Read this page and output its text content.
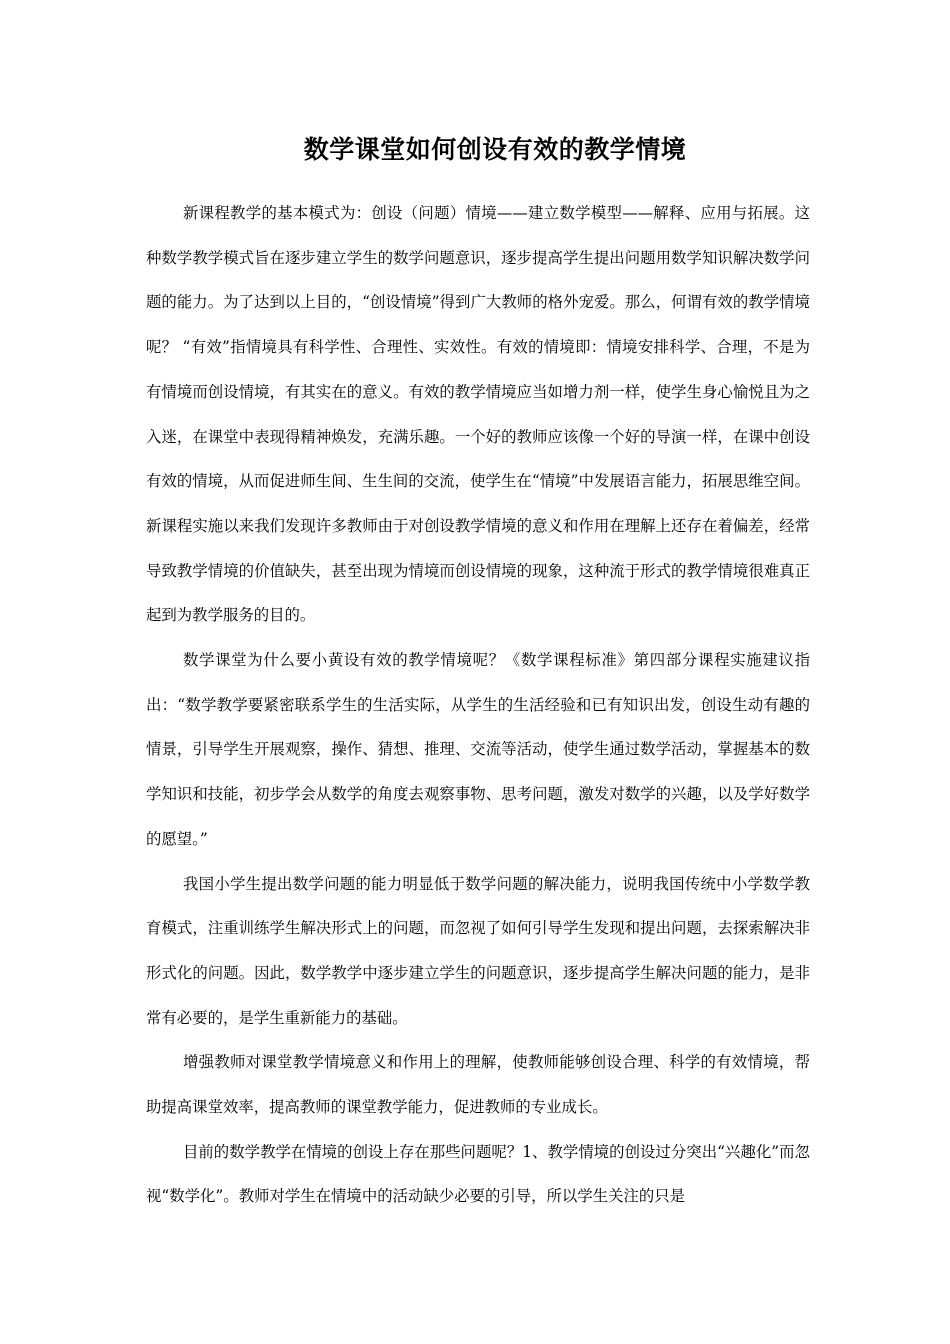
数学课堂如何创设有效的教学情境

新课程教学的基本模式为：创设（问题）情境——建立数学模型——解释、应用与拓展。这种数学教学模式旨在逐步建立学生的数学问题意识，逐步提高学生提出问题用数学知识解决数学问题的能力。为了达到以上目的，“创设情境”得到广大教师的格外宠爱。那么，何谓有效的教学情境呢？ “有效”指情境具有科学性、合理性、实效性。有效的情境即：情境安排科学、合理，不是为有情境而创设情境，有其实在的意义。有效的教学情境应当如增力剂一样，使学生身心愉悦且为之入迷，在课堂中表现得精神焕发，充满乐趣。一个好的教师应该像一个好的导演一样，在课中创设有效的情境，从而促进师生间、生生间的交流，使学生在“情境”中发展语言能力，拓展思维空间。新课程实施以来我们发现许多教师由于对创设教学情境的意义和作用在理解上还存在着偏差，经常导致教学情境的价值缺失，甚至出现为情境而创设情境的现象，这种流于形式的教学情境很难真正起到为教学服务的目的。

数学课堂为什么要小黄设有效的教学情境呢？《数学课程标准》第四部分课程实施建议指出：“数学教学要紧密联系学生的生活实际，从学生的生活经验和已有知识出发，创设生动有趣的情景，引导学生开展观察，操作、猜想、推理、交流等活动，使学生通过数学活动，掌握基本的数学知识和技能，初步学会从数学的角度去观察事物、思考问题，激发对数学的兴趣，以及学好数学的愿望。”

我国小学生提出数学问题的能力明显低于数学问题的解决能力，说明我国传统中小学数学教育模式，注重训练学生解决形式上的问题，而忽视了如何引导学生发现和提出问题，去探索解决非形式化的问题。因此，数学教学中逐步建立学生的问题意识，逐步提高学生解决问题的能力，是非常有必要的，是学生重新能力的基础。

增强教师对课堂教学情境意义和作用上的理解，使教师能够创设合理、科学的有效情境，帮助提高课堂效率，提高教师的课堂教学能力，促进教师的专业成长。

目前的数学教学在情境的创设上存在那些问题呢？1、教学情境的创设过分突出“兴趣化”而忽视“数学化”。教师对学生在情境中的活动缺少必要的引导，所以学生关注的只是
